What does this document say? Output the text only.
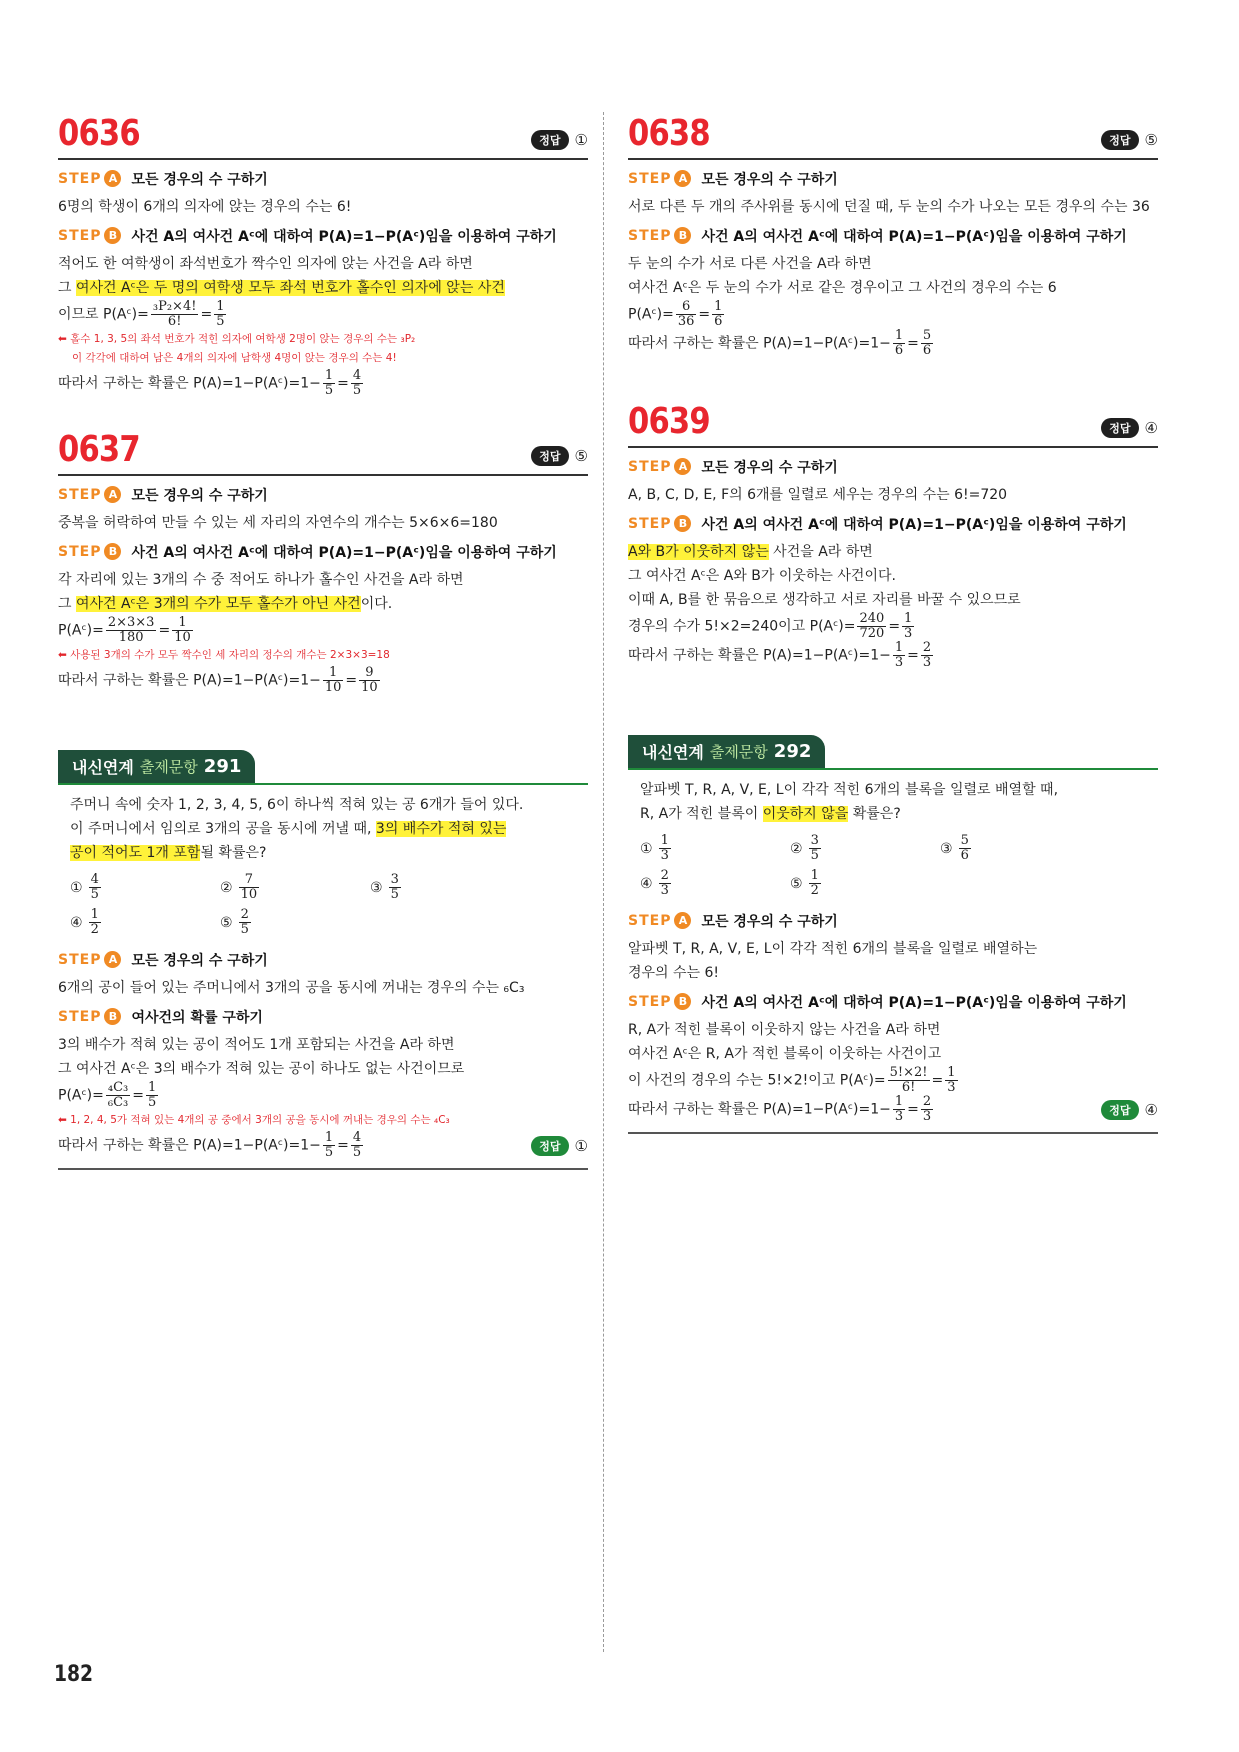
0636	정답 ①
STEP A	모든 경우의 수 구하기

6명의 학생이 6개의 의자에 앉는 경우의 수는 6!

STEP B	사건 A의 여사건 Aᶜ에 대하여 P(A)=1−P(Aᶜ)임을 이용하여 구하기

적어도 한 여학생이 좌석번호가 짝수인 의자에 앉는 사건을 A라 하면

그 여사건 Aᶜ은 두 명의 여학생 모두 좌석 번호가 홀수인 의자에 앉는 사건

이므로 P(Aᶜ)= $\frac{\text{₃P₂×4!}}{6!} = \frac{1}{5}$

⬅ 홀수 1, 3, 5의 좌석 번호가 적힌 의자에 여학생 2명이 앉는 경우의 수는 ₃P₂

이 각각에 대하여 남은 4개의 의자에 남학생 4명이 앉는 경우의 수는 4!

따라서 구하는 확률은 P(A)=1−P(Aᶜ)=1− $\frac{1}{5} = \frac{4}{5}$

0637	정답 ⑤
STEP A	모든 경우의 수 구하기

중복을 허락하여 만들 수 있는 세 자리의 자연수의 개수는 5×6×6=180

STEP B	사건 A의 여사건 Aᶜ에 대하여 P(A)=1−P(Aᶜ)임을 이용하여 구하기

각 자리에 있는 3개의 수 중 적어도 하나가 홀수인 사건을 A라 하면

그 여사건 Aᶜ은 3개의 수가 모두 홀수가 아닌 사건이다.

P(Aᶜ)= $\frac{2\times 3\times 3}{180} = \frac{1}{10}$

⬅ 사용된 3개의 수가 모두 짝수인 세 자리의 정수의 개수는 2×3×3=18

따라서 구하는 확률은 P(A)=1−P(Aᶜ)=1− $\frac{1}{10} = \frac{9}{10}$

내신연계 출제문항 291

주머니 속에 숫자 1, 2, 3, 4, 5, 6이 하나씩 적혀 있는 공 6개가 들어 있다.

이 주머니에서 임의로 3개의 공을 동시에 꺼낼 때, 3의 배수가 적혀 있는

공이 적어도 1개 포함될 확률은?

① $\frac{4}{5}$	② $\frac{7}{10}$	③ $\frac{3}{5}$
④ $\frac{1}{2}$	⑤ $\frac{2}{5}$
STEP A	모든 경우의 수 구하기

6개의 공이 들어 있는 주머니에서 3개의 공을 동시에 꺼내는 경우의 수는 ₆C₃

STEP B	여사건의 확률 구하기

3의 배수가 적혀 있는 공이 적어도 1개 포함되는 사건을 A라 하면

그 여사건 Aᶜ은 3의 배수가 적혀 있는 공이 하나도 없는 사건이므로

P(Aᶜ)= $\frac{\text{₄C₃}}{\text{₆C₃}} = \frac{1}{5}$

⬅ 1, 2, 4, 5가 적혀 있는 4개의 공 중에서 3개의 공을 동시에 꺼내는 경우의 수는 ₄C₃

따라서 구하는 확률은 P(A)=1−P(Aᶜ)=1− $\frac{1}{5} = \frac{4}{5}$	정답 ①
0638	정답 ⑤
STEP A	모든 경우의 수 구하기

서로 다른 두 개의 주사위를 동시에 던질 때, 두 눈의 수가 나오는 모든 경우의 수는 36

STEP B	사건 A의 여사건 Aᶜ에 대하여 P(A)=1−P(Aᶜ)임을 이용하여 구하기

두 눈의 수가 서로 다른 사건을 A라 하면

여사건 Aᶜ은 두 눈의 수가 서로 같은 경우이고 그 사건의 경우의 수는 6

P(Aᶜ)= $\frac{6}{36} = \frac{1}{6}$

따라서 구하는 확률은 P(A)=1−P(Aᶜ)=1− $\frac{1}{6} = \frac{5}{6}$

0639	정답 ④
STEP A	모든 경우의 수 구하기

A, B, C, D, E, F의 6개를 일렬로 세우는 경우의 수는 6!=720

STEP B	사건 A의 여사건 Aᶜ에 대하여 P(A)=1−P(Aᶜ)임을 이용하여 구하기

A와 B가 이웃하지 않는 사건을 A라 하면

그 여사건 Aᶜ은 A와 B가 이웃하는 사건이다.

이때 A, B를 한 묶음으로 생각하고 서로 자리를 바꿀 수 있으므로

경우의 수가 5!×2=240이고 P(Aᶜ)= $\frac{240}{720} = \frac{1}{3}$

따라서 구하는 확률은 P(A)=1−P(Aᶜ)=1− $\frac{1}{3} = \frac{2}{3}$

내신연계 출제문항 292

알파벳 T, R, A, V, E, L이 각각 적힌 6개의 블록을 일렬로 배열할 때,

R, A가 적힌 블록이 이웃하지 않을 확률은?

① $\frac{1}{3}$	② $\frac{3}{5}$	③ $\frac{5}{6}$
④ $\frac{2}{3}$	⑤ $\frac{1}{2}$
STEP A	모든 경우의 수 구하기

알파벳 T, R, A, V, E, L이 각각 적힌 6개의 블록을 일렬로 배열하는

경우의 수는 6!

STEP B	사건 A의 여사건 Aᶜ에 대하여 P(A)=1−P(Aᶜ)임을 이용하여 구하기

R, A가 적힌 블록이 이웃하지 않는 사건을 A라 하면

여사건 Aᶜ은 R, A가 적힌 블록이 이웃하는 사건이고

이 사건의 경우의 수는 5!×2!이고 P(Aᶜ)= $\frac{5!\times 2!}{6!} = \frac{1}{3}$

따라서 구하는 확률은 P(A)=1−P(Aᶜ)=1− $\frac{1}{3} = \frac{2}{3}$	정답 ④
182
